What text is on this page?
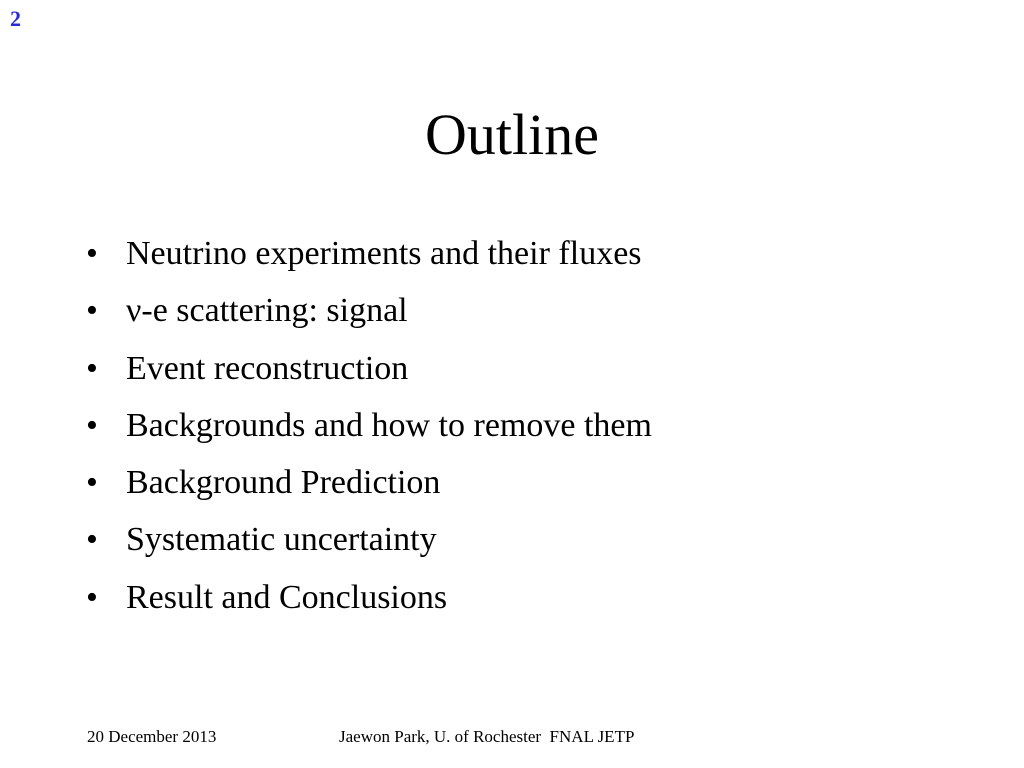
2
Outline
• Neutrino experiments and their fluxes
• ν-e scattering: signal
• Event reconstruction
• Backgrounds and how to remove them
• Background Prediction
• Systematic uncertainty
• Result and Conclusions
20 December 2013	Jaewon Park, U. of Rochester  FNAL JETP
